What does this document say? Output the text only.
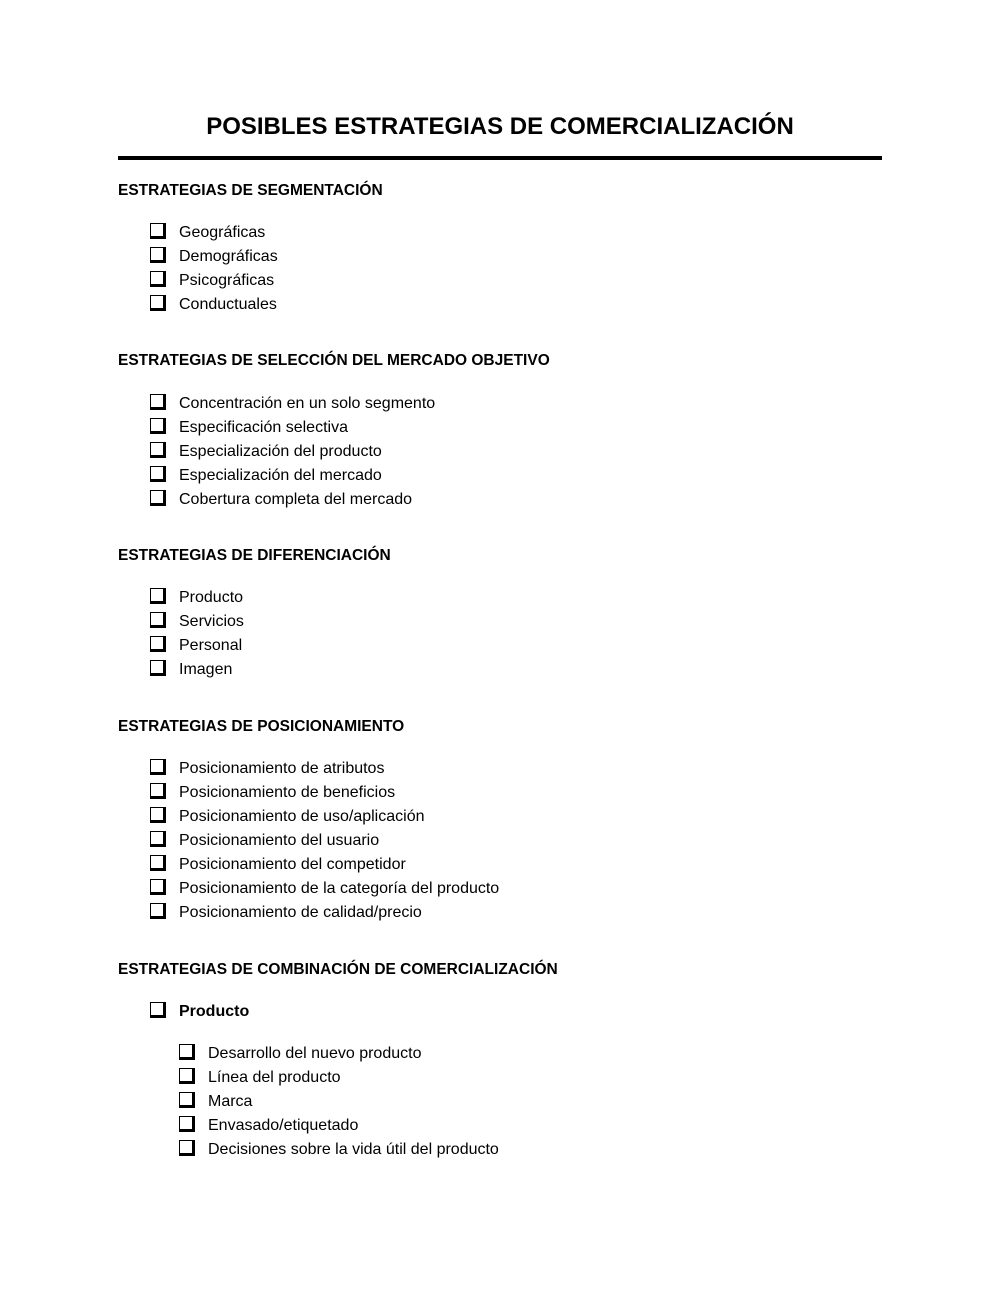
POSIBLES ESTRATEGIAS DE COMERCIALIZACIÓN
ESTRATEGIAS DE SEGMENTACIÓN
Geográficas
Demográficas
Psicográficas
Conductuales
ESTRATEGIAS DE SELECCIÓN DEL MERCADO OBJETIVO
Concentración en un solo segmento
Especificación selectiva
Especialización del producto
Especialización del mercado
Cobertura completa del mercado
ESTRATEGIAS DE DIFERENCIACIÓN
Producto
Servicios
Personal
Imagen
ESTRATEGIAS DE POSICIONAMIENTO
Posicionamiento de atributos
Posicionamiento de beneficios
Posicionamiento de uso/aplicación
Posicionamiento del usuario
Posicionamiento del competidor
Posicionamiento de la categoría del producto
Posicionamiento de calidad/precio
ESTRATEGIAS DE COMBINACIÓN DE COMERCIALIZACIÓN
Producto
Desarrollo del nuevo producto
Línea del producto
Marca
Envasado/etiquetado
Decisiones sobre la vida útil del producto
